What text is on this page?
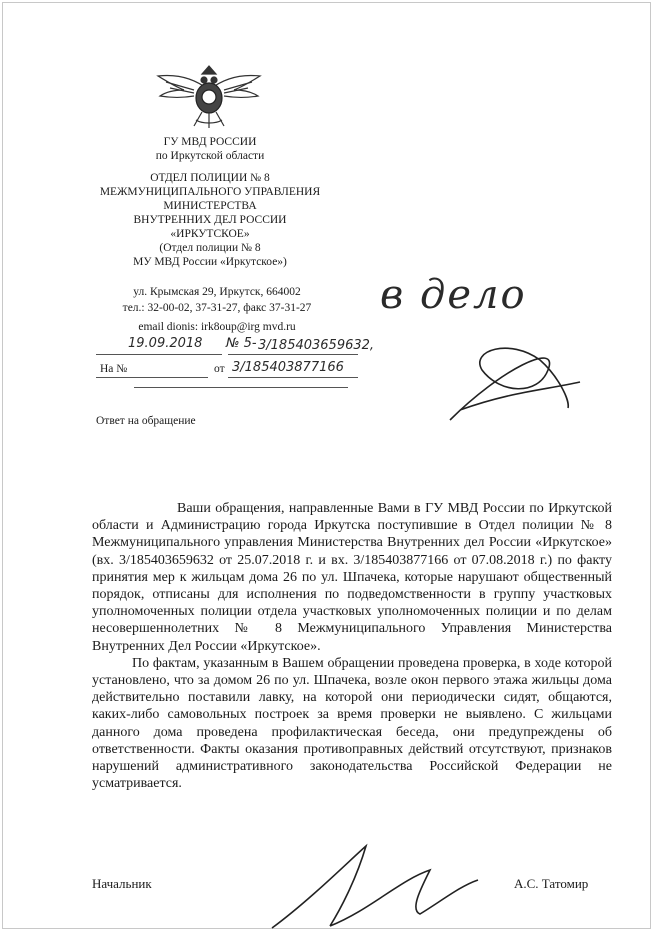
ГУ МВД РОССИИ
по Иркутской области
ОТДЕЛ ПОЛИЦИИ № 8
МЕЖМУНИЦИПАЛЬНОГО УПРАВЛЕНИЯ
МИНИСТЕРСТВА
ВНУТРЕННИХ ДЕЛ РОССИИ
«ИРКУТСКОЕ»
(Отдел полиции № 8
МУ МВД России «Иркутское»)
ул. Крымская 29, Иркутск, 664002
тел.: 32-00-02, 37-31-27, факс 37-31-27
email dionis: irk8oup@irg mvd.ru
19.09.2018 № 5- 3/185403659632,
На №	от 3/185403877166
в дело
Ответ на обращение

Ваши обращения, направленные Вами в ГУ МВД России по Иркутской области и Администрацию города Иркутска поступившие в Отдел полиции № 8 Межмуниципального управления Министерства Внутренних дел России «Иркутское» (вх. 3/185403659632 от 25.07.2018 г. и вх. 3/185403877166 от 07.08.2018 г.) по факту принятия мер к жильцам дома 26 по ул. Шпачека, которые нарушают общественный порядок, отписаны для исполнения по подведомственности в группу участковых уполномоченных полиции отдела участковых уполномоченных полиции и по делам несовершеннолетних № 8 Межмуниципального Управления Министерства Внутренних Дел России «Иркутское».

По фактам, указанным в Вашем обращении проведена проверка, в ходе которой установлено, что за домом 26 по ул. Шпачека, возле окон первого этажа жильцы дома действительно поставили лавку, на которой они периодически сидят, общаются, каких-либо самовольных построек за время проверки не выявлено. С жильцами данного дома проведена профилактическая беседа, они предупреждены об ответственности. Факты оказания противоправных действий отсутствуют, признаков нарушений административного законодательства Российской Федерации не усматривается.

Начальник	А.С. Татомир
